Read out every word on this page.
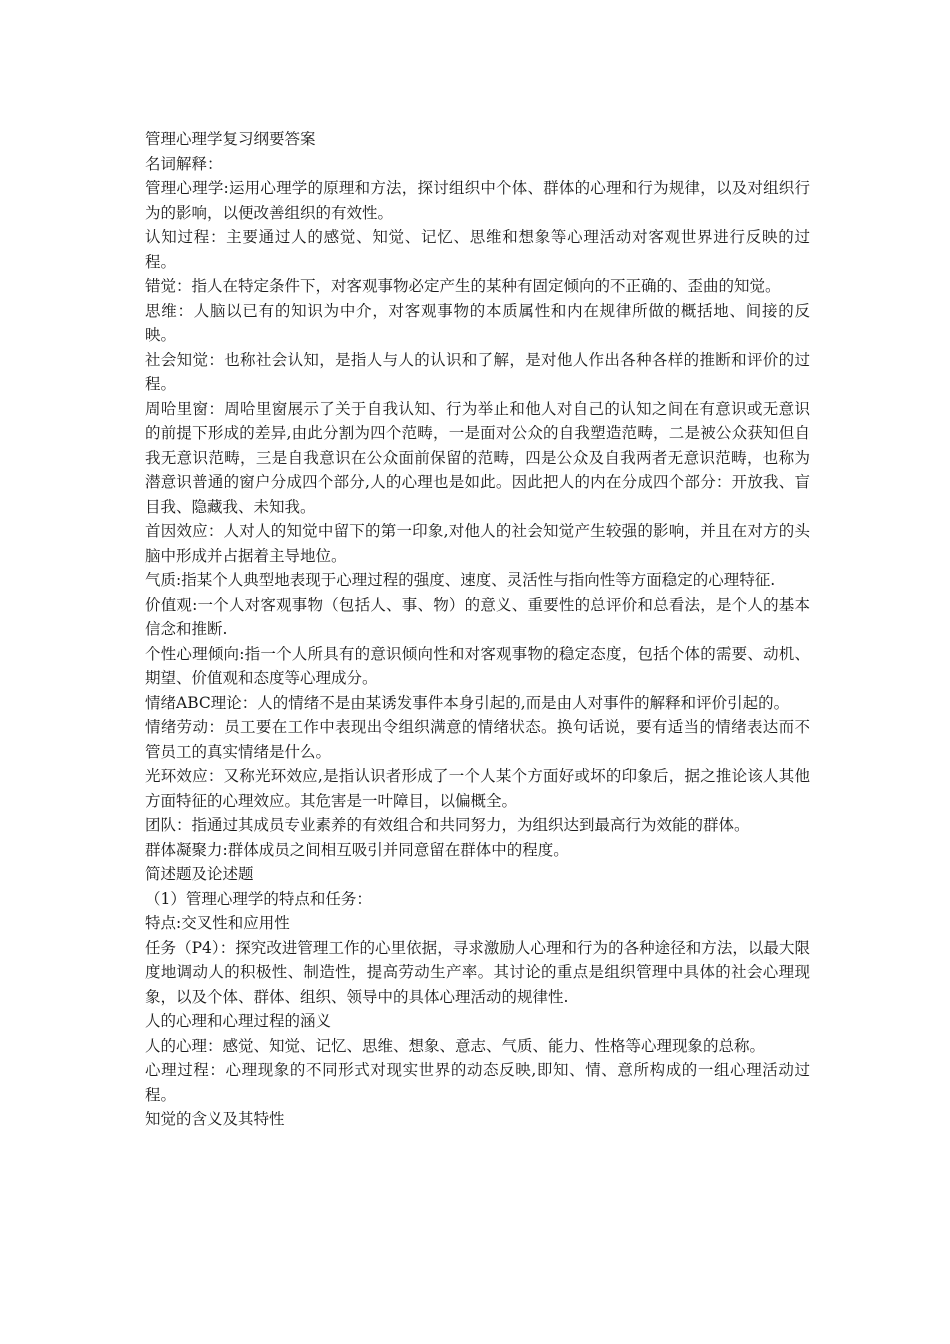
管理心理学复习纲要答案
名词解释：
管理心理学:运用心理学的原理和方法，探讨组织中个体、群体的心理和行为规律，以及对组织行为的影响，以便改善组织的有效性。
认知过程：主要通过人的感觉、知觉、记忆、思维和想象等心理活动对客观世界进行反映的过程。
错觉：指人在特定条件下，对客观事物必定产生的某种有固定倾向的不正确的、歪曲的知觉。
思维：人脑以已有的知识为中介，对客观事物的本质属性和内在规律所做的概括地、间接的反映。
社会知觉：也称社会认知，是指人与人的认识和了解，是对他人作出各种各样的推断和评价的过程。
周哈里窗：周哈里窗展示了关于自我认知、行为举止和他人对自己的认知之间在有意识或无意识的前提下形成的差异,由此分割为四个范畴，一是面对公众的自我塑造范畴，二是被公众获知但自我无意识范畴，三是自我意识在公众面前保留的范畴，四是公众及自我两者无意识范畴，也称为潜意识普通的窗户分成四个部分,人的心理也是如此。因此把人的内在分成四个部分：开放我、盲目我、隐藏我、未知我。
首因效应：人对人的知觉中留下的第一印象,对他人的社会知觉产生较强的影响，并且在对方的头脑中形成并占据着主导地位。
气质:指某个人典型地表现于心理过程的强度、速度、灵活性与指向性等方面稳定的心理特征.
价值观:一个人对客观事物（包括人、事、物）的意义、重要性的总评价和总看法，是个人的基本信念和推断.
个性心理倾向:指一个人所具有的意识倾向性和对客观事物的稳定态度，包括个体的需要、动机、期望、价值观和态度等心理成分。
情绪ABC理论：人的情绪不是由某诱发事件本身引起的,而是由人对事件的解释和评价引起的。
情绪劳动：员工要在工作中表现出令组织满意的情绪状态。换句话说，要有适当的情绪表达而不管员工的真实情绪是什么。
光环效应：又称光环效应,是指认识者形成了一个人某个方面好或坏的印象后，据之推论该人其他方面特征的心理效应。其危害是一叶障目，以偏概全。
团队：指通过其成员专业素养的有效组合和共同努力，为组织达到最高行为效能的群体。
群体凝聚力:群体成员之间相互吸引并同意留在群体中的程度。
简述题及论述题
（1）管理心理学的特点和任务：
特点:交叉性和应用性
任务（P4）：探究改进管理工作的心里依据，寻求激励人心理和行为的各种途径和方法，以最大限度地调动人的积极性、制造性，提高劳动生产率。其讨论的重点是组织管理中具体的社会心理现象，以及个体、群体、组织、领导中的具体心理活动的规律性.
人的心理和心理过程的涵义
人的心理：感觉、知觉、记忆、思维、想象、意志、气质、能力、性格等心理现象的总称。
心理过程：心理现象的不同形式对现实世界的动态反映,即知、情、意所构成的一组心理活动过程。
知觉的含义及其特性
